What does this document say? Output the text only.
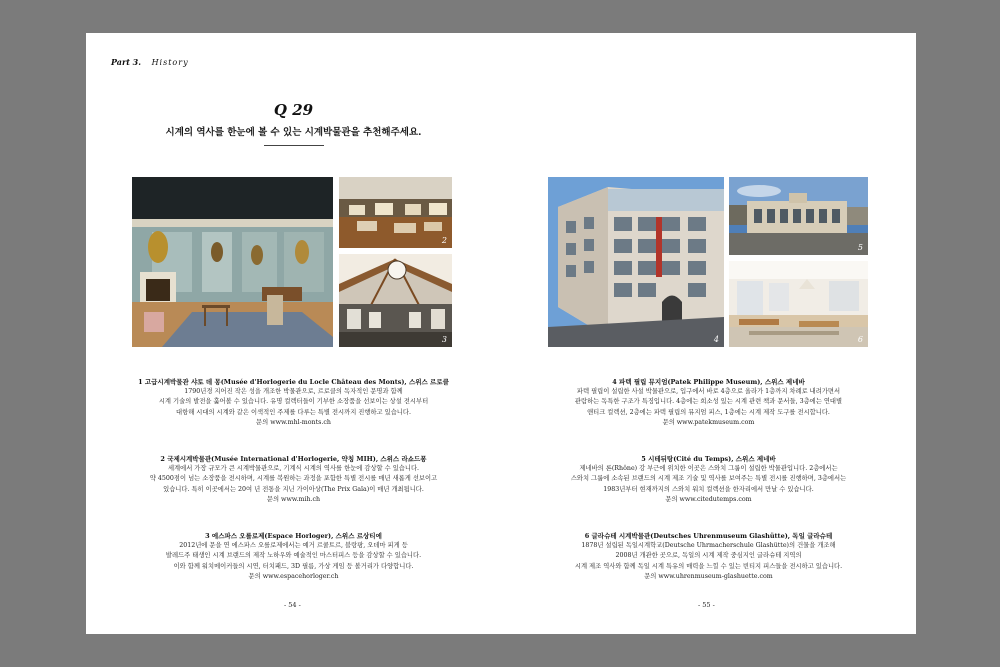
Part 3. History
Q 29
시계의 역사를 한눈에 볼 수 있는 시계박물관을 추천해주세요.
2
3	4
5
6
1 고급시계박물관 샤토 데 몽(Musée d'Horlogerie du Locle Château des Monts), 스위스 르로클
1790년경 지어진 작은 성을 개조한 박물관으로, 르로클의 독자적인 문명과 함께
시계 기술의 발전을 훑어볼 수 있습니다. 유명 컬렉터들이 기부한 소장품을 선보이는 상설 전시부터
대항해 시대의 시계와 같은 이색적인 주제를 다루는 특별 전시까지 진행하고 있습니다.
문의 www.mhl-monts.ch
2 국제시계박물관(Musée International d'Horlogerie, 약칭 MIH), 스위스 라쇼드퐁
세계에서 가장 규모가 큰 시계박물관으로, 기계식 시계의 역사를 한눈에 감상할 수 있습니다.
약 4500점이 넘는 소장품을 전시하며, 시계를 복원하는 과정을 포함한 특별 전시를 매년 새롭게 선보이고
있습니다. 특히 이곳에서는 20여 년 전통을 지닌 가이아상(The Prix Gaïa)이 매년 개최됩니다.
문의 www.mih.ch
3 에스파스 오를로제(Espace Horloger), 스위스 르상티에
2012년에 문을 연 에스파스 오를로제에서는 예거 르쿨트르, 블랑팡, 오데마 피게 등
발레드주 태생인 시계 브랜드의 제작 노하우와 예술적인 마스터피스 등을 감상할 수 있습니다.
이와 함께 워치메이커들의 시연, 터치패드, 3D 필름, 가상 게임 등 볼거리가 다양합니다.
문의 www.espacehorloger.ch
4 파텍 필립 뮤지엄(Patek Philippe Museum), 스위스 제네바
파텍 필립이 설립한 사설 박물관으로, 입구에서 바로 4층으로 올라가 1층까지 차례로 내려가면서
관람하는 독특한 구조가 특징입니다. 4층에는 희소성 있는 시계 관련 책과 문서들, 3층에는 연대별
앤티크 컬렉션, 2층에는 파텍 필립의 뮤지엄 피스, 1층에는 시계 제작 도구를 전시합니다.
문의 www.patekmuseum.com
5 시테뒤탕(Cité du Temps), 스위스 제네바
제네바의 론(Rhône) 강 부근에 위치한 이곳은 스와치 그룹이 설립한 박물관입니다. 2층에서는
스와치 그룹에 소속된 브랜드의 시계 제조 기술 및 역사를 보여주는 특별 전시를 진행하며, 3층에서는
1983년부터 현재까지의 스와치 워치 컬렉션을 한자리에서 만날 수 있습니다.
문의 www.citedutemps.com
6 글라슈테 시계박물관(Deutsches Uhrenmuseum Glashütte), 독일 글라슈테
1878년 설립된 독일시계학교(Deutsche Uhrmacherschule Glashütte)의 건물을 개조해
2008년 개관한 곳으로, 독일의 시계 제작 중심지인 글라슈테 지역의
시계 제조 역사와 함께 독일 시계 특유의 매력을 느낄 수 있는 빈티지 피스들을 전시하고 있습니다.
문의 www.uhrenmuseum-glashuette.com
- 54 -	- 55 -
